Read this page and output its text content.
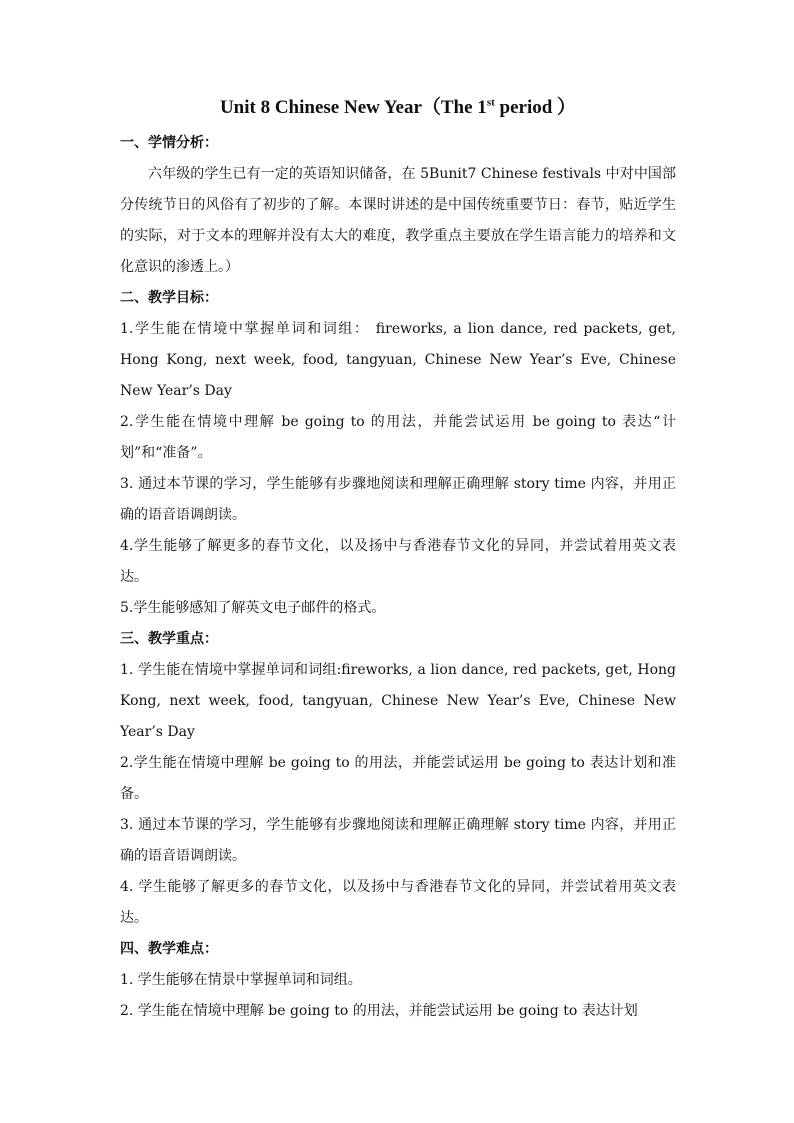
Unit 8 Chinese New Year（The 1st period ）
一、学情分析：
六年级的学生已有一定的英语知识储备，在 5Bunit7 Chinese festivals 中对中国部分传统节日的风俗有了初步的了解。本课时讲述的是中国传统重要节日：春节，贴近学生的实际，对于文本的理解并没有太大的难度，教学重点主要放在学生语言能力的培养和文化意识的渗透上。）
二、教学目标：
1.学生能在情境中掌握单词和词组： fireworks, a lion dance, red packets, get, Hong Kong, next week, food, tangyuan, Chinese New Year’s Eve, Chinese New Year’s Day
2.学生能在情境中理解 be going to 的用法，并能尝试运用 be going to 表达“计划”和“准备”。
3. 通过本节课的学习，学生能够有步骤地阅读和理解正确理解 story time 内容，并用正确的语音语调朗读。
4.学生能够了解更多的春节文化，以及扬中与香港春节文化的异同，并尝试着用英文表达。
5.学生能够感知了解英文电子邮件的格式。
三、教学重点：
1. 学生能在情境中掌握单词和词组:fireworks, a lion dance, red packets, get, Hong Kong, next week, food, tangyuan, Chinese New Year’s Eve, Chinese New Year’s Day
2.学生能在情境中理解 be going to 的用法，并能尝试运用 be going to 表达计划和准备。
3. 通过本节课的学习，学生能够有步骤地阅读和理解正确理解 story time 内容，并用正确的语音语调朗读。
4. 学生能够了解更多的春节文化，以及扬中与香港春节文化的异同，并尝试着用英文表达。
四、教学难点：
1. 学生能够在情景中掌握单词和词组。
2. 学生能在情境中理解 be going to 的用法，并能尝试运用 be going to 表达计划
